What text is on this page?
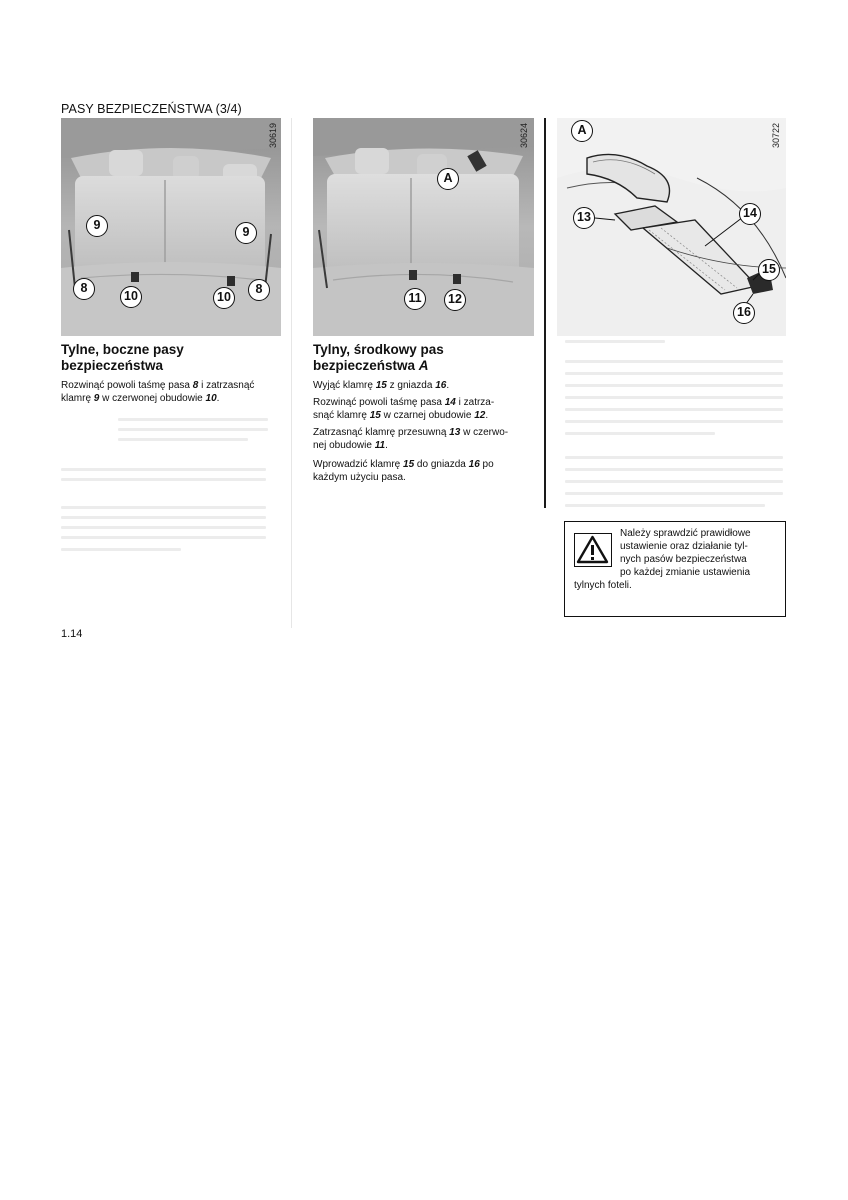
PASY BEZPIECZEŃSTWA (3/4)
9
8
10	10
9
8
30619
Tylne, boczne pasy
bezpieczeństwa
Rozwinąć powoli taśmę pasa 8 i zatrzasnąć
klamrę 9 w czerwonej obudowie 10.
A
11	12
30624
Tylny, środkowy pas
bezpieczeństwa A
Wyjąć klamrę 15 z gniazda 16.
Rozwinąć powoli taśmę pasa 14 i zatrza-
snąć klamrę 15 w czarnej obudowie 12.
Zatrzasnąć klamrę przesuwną 13 w czerwo-
nej obudowie 11.
Wprowadzić klamrę 15 do gniazda 16 po
każdym użyciu pasa.
A
13	14
15
16
30722
Należy sprawdzić prawidłowe
ustawienie oraz działanie tyl-
nych pasów bezpieczeństwa
po każdej zmianie ustawienia
tylnych foteli.
1.14
